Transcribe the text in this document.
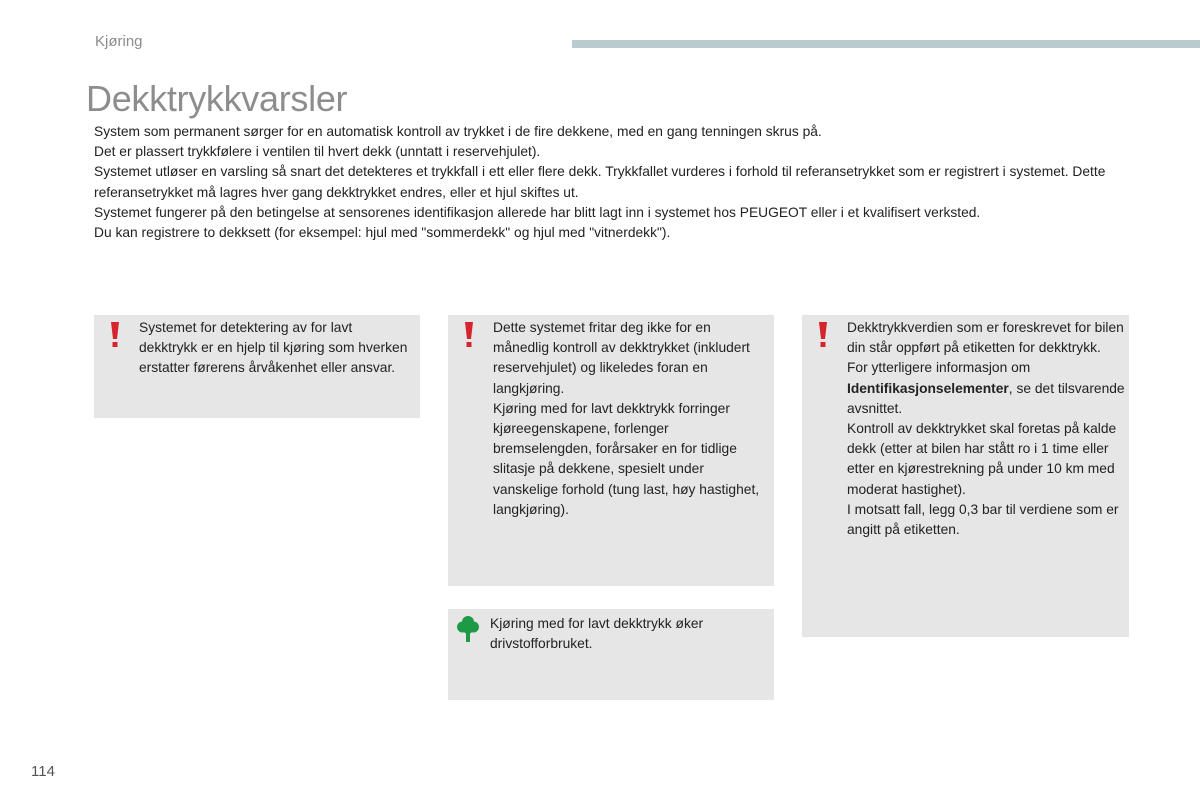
Kjøring
Dekktrykkvarsler

System som permanent sørger for en automatisk kontroll av trykket i de fire dekkene, med en gang tenningen skrus på.

Det er plassert trykkfølere i ventilen til hvert dekk (unntatt i reservehjulet).

Systemet utløser en varsling så snart det detekteres et trykkfall i ett eller flere dekk. Trykkfallet vurderes i forhold til referansetrykket som er registrert i systemet. Dette referansetrykket må lagres hver gang dekktrykket endres, eller et hjul skiftes ut.

Systemet fungerer på den betingelse at sensorenes identifikasjon allerede har blitt lagt inn i systemet hos PEUGEOT eller i et kvalifisert verksted.

Du kan registrere to dekksett (for eksempel: hjul med "sommerdekk" og hjul med "vitnerdekk").

Systemet for detektering av for lavt dekktrykk er en hjelp til kjøring som hverken erstatter førerens årvåkenhet eller ansvar.

Dette systemet fritar deg ikke for en månedlig kontroll av dekktrykket (inkludert reservehjulet) og likeledes foran en langkjøring.

Kjøring med for lavt dekktrykk forringer kjøreegenskapene, forlenger bremselengden, forårsaker en for tidlige slitasje på dekkene, spesielt under vanskelige forhold (tung last, høy hastighet, langkjøring).

Dekktrykkverdien som er foreskrevet for bilen din står oppført på etiketten for dekktrykk.

For ytterligere informasjon om Identifikasjonselementer, se det tilsvarende avsnittet.

Kontroll av dekktrykket skal foretas på kalde dekk (etter at bilen har stått ro i 1 time eller etter en kjørestrekning på under 10 km med moderat hastighet).

I motsatt fall, legg 0,3 bar til verdiene som er angitt på etiketten.

Kjøring med for lavt dekktrykk øker drivstofforbruket.

114
